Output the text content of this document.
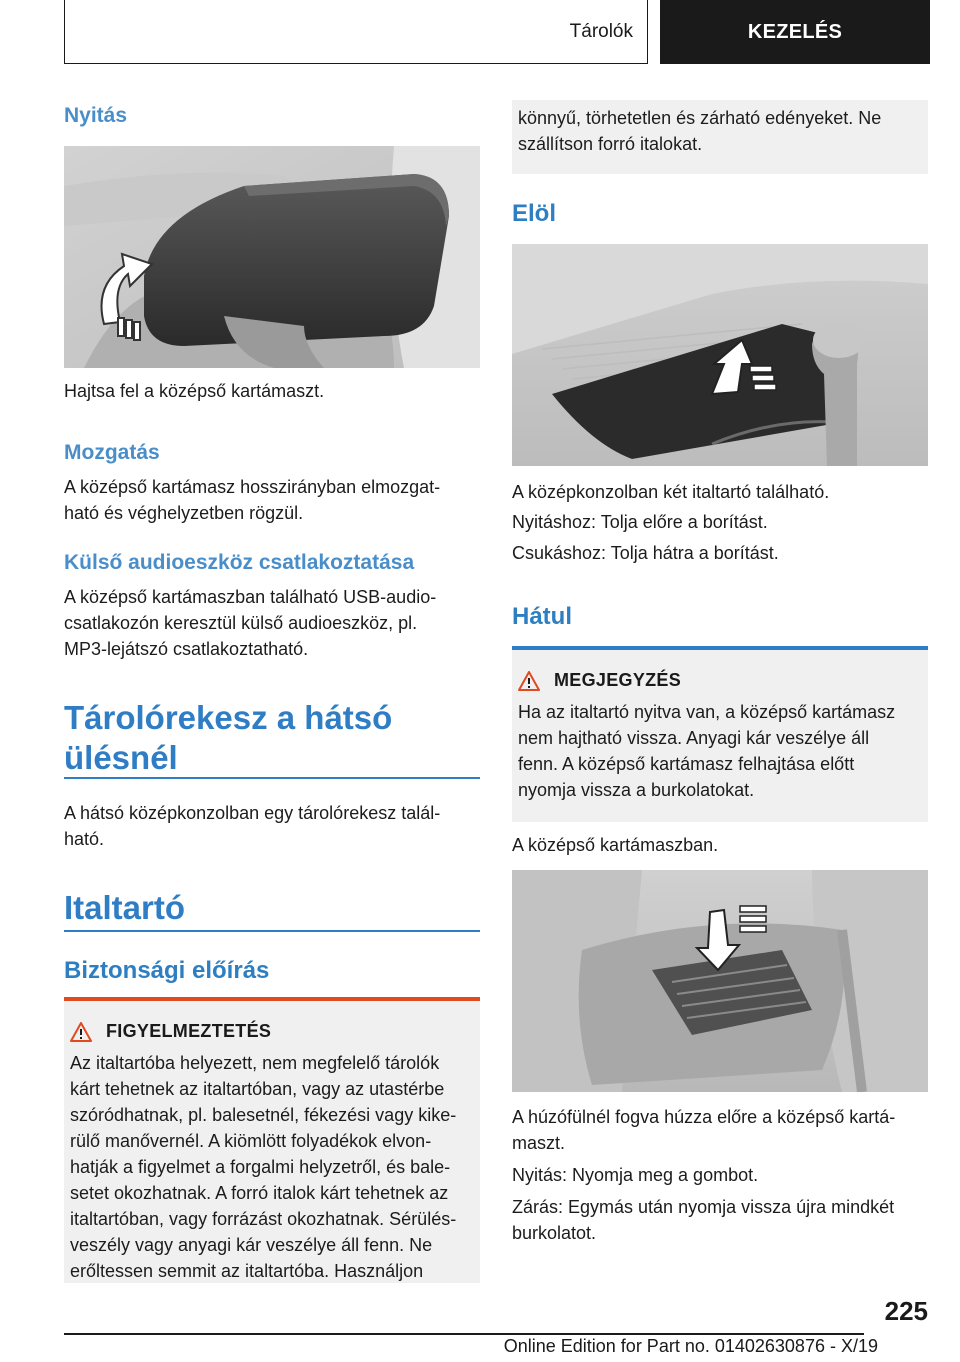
Tárolók	KEZELÉS
Nyitás
Hajtsa fel a középső kartámaszt.
Mozgatás
A középső kartámasz hosszirányban elmozgat-
ható és véghelyzetben rögzül.
Külső audioeszköz csatlakoztatása
A középső kartámaszban található USB-audio-
csatlakozón keresztül külső audioeszköz, pl.
MP3-lejátszó csatlakoztatható.
Tárolórekesz a hátsó
ülésnél
A hátsó középkonzolban egy tárolórekesz talál-
ható.
Italtartó
Biztonsági előírás
FIGYELMEZTETÉS
Az italtartóba helyezett, nem megfelelő tárolók
kárt tehetnek az italtartóban, vagy az utastérbe
szóródhatnak, pl. balesetnél, fékezési vagy kike-
rülő manővernél. A kiömlött folyadékok elvon-
hatják a figyelmet a forgalmi helyzetről, és bale-
setet okozhatnak. A forró italok kárt tehetnek az
italtartóban, vagy forrázást okozhatnak. Sérülés-
veszély vagy anyagi kár veszélye áll fenn. Ne
erőltessen semmit az italtartóba. Használjon
könnyű, törhetetlen és zárható edényeket. Ne
szállítson forró italokat.
Elöl
A középkonzolban két italtartó található.
Nyitáshoz: Tolja előre a borítást.
Csukáshoz: Tolja hátra a borítást.
Hátul
MEGJEGYZÉS
Ha az italtartó nyitva van, a középső kartámasz
nem hajtható vissza. Anyagi kár veszélye áll
fenn. A középső kartámasz felhajtása előtt
nyomja vissza a burkolatokat.
A középső kartámaszban.
A húzófülnél fogva húzza előre a középső kartá-
maszt.
Nyitás: Nyomja meg a gombot.
Zárás: Egymás után nyomja vissza újra mindkét
burkolatot.
225
Online Edition for Part no. 01402630876 - X/19
